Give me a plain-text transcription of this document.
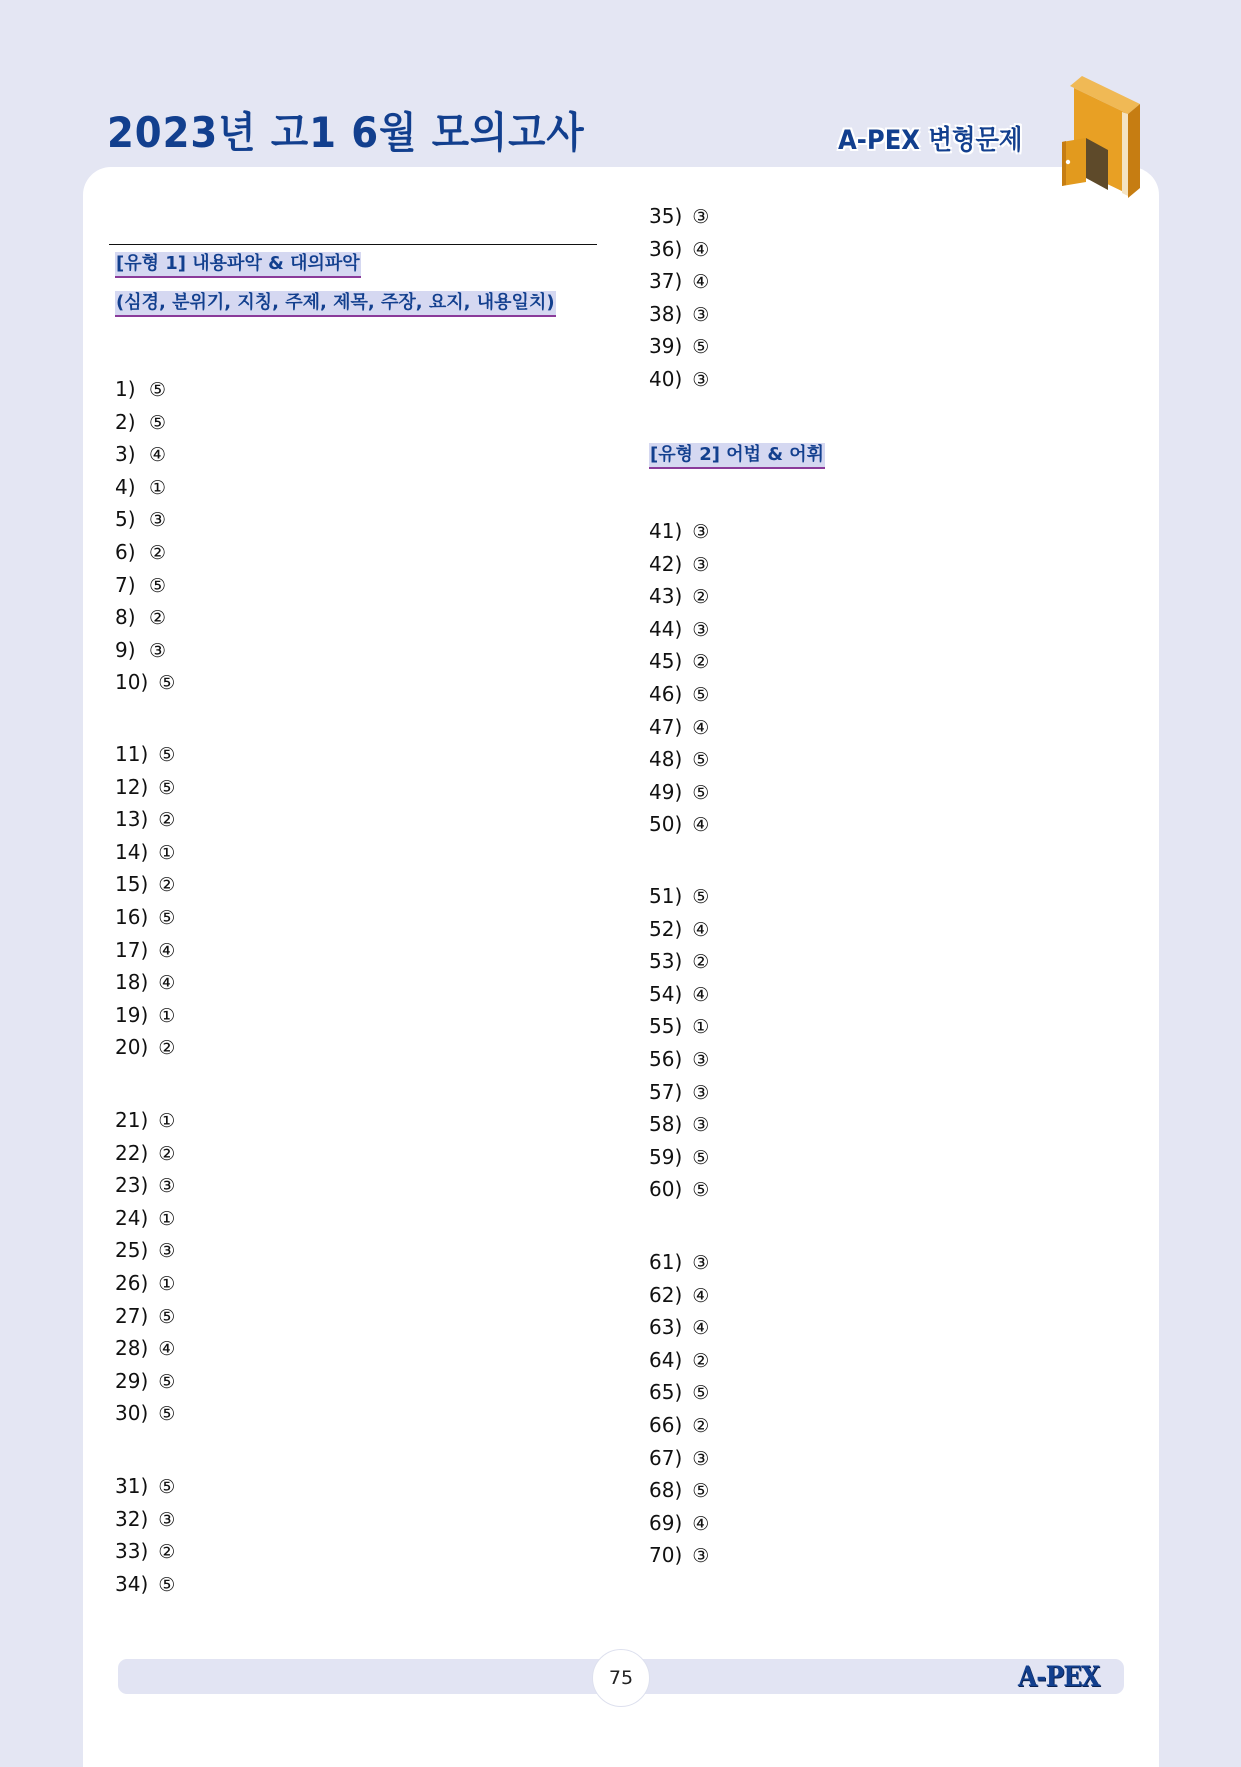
2023년 고1 6월 모의고사	A-PEX 변형문제
[유형 1] 내용파악 & 대의파악
(심경, 분위기, 지칭, 주제, 제목, 주장, 요지, 내용일치)
[유형 2] 어법 & 어휘
1) ⑤
2) ⑤
3) ④
4) ①
5) ③
6) ②
7) ⑤
8) ②
9) ③
10) ⑤
11) ⑤
12) ⑤
13) ②
14) ①
15) ②
16) ⑤
17) ④
18) ④
19) ①
20) ②
21) ①
22) ②
23) ③
24) ①
25) ③
26) ①
27) ⑤
28) ④
29) ⑤
30) ⑤
31) ⑤
32) ③
33) ②
34) ⑤
35) ③
36) ④
37) ④
38) ③
39) ⑤
40) ③
41) ③
42) ③
43) ②
44) ③
45) ②
46) ⑤
47) ④
48) ⑤
49) ⑤
50) ④
51) ⑤
52) ④
53) ②
54) ④
55) ①
56) ③
57) ③
58) ③
59) ⑤
60) ⑤
61) ③
62) ④
63) ④
64) ②
65) ⑤
66) ②
67) ③
68) ⑤
69) ④
70) ③
75	A-PEX
